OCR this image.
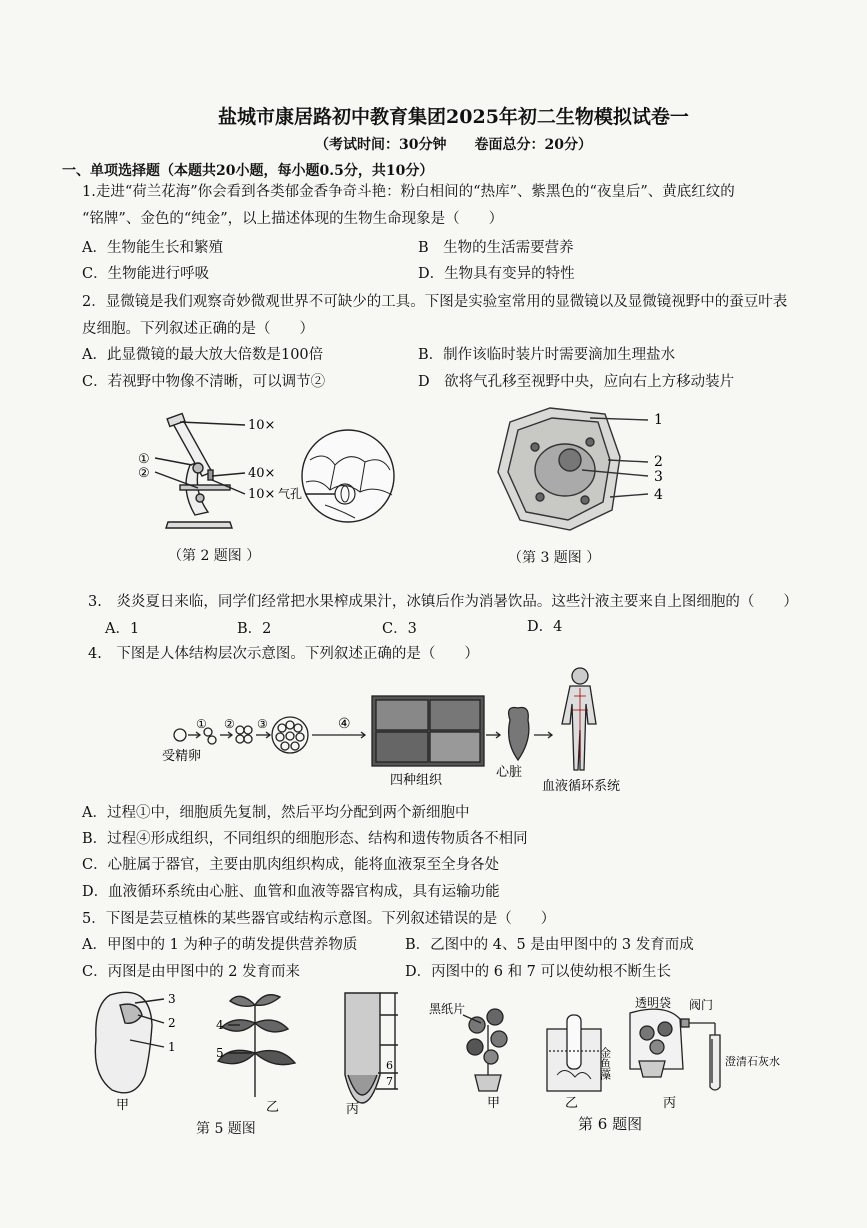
盐城市康居路初中教育集团2025年初二生物模拟试卷一
（考试时间：30分钟　　卷面总分：20分）
一、单项选择题（本题共20小题，每小题0.5分，共10分）
1.走进“荷兰花海”你会看到各类郁金香争奇斗艳：粉白相间的“热库”、紫黑色的“夜皇后”、黄底红纹的
“铭牌”、金色的“纯金”，以上描述体现的生物生命现象是（　　）
A．生物能生长和繁殖	B　生物的生活需要营养
C．生物能进行呼吸	D．生物具有变异的特性
2．显微镜是我们观察奇妙微观世界不可缺少的工具。下图是实验室常用的显微镜以及显微镜视野中的蚕豆叶表
皮细胞。下列叙述正确的是（　　）
A．此显微镜的最大放大倍数是100倍	B．制作该临时装片时需要滴加生理盐水
C．若视野中物像不清晰，可以调节②	D　欲将气孔移至视野中央，应向右上方移动装片
10×
40×
10×
①
②
气孔
（第 2 题图 ）
1
2
3
4
（第 3 题图 ）
3.　炎炎夏日来临，同学们经常把水果榨成果汁，冰镇后作为消暑饮品。这些汁液主要来自上图细胞的（　　）
A．1	B．2	C．3	D．4
4.　下图是人体结构层次示意图。下列叙述正确的是（　　）
① ② ③	④
受精卵
四种组织
心脏
血液循环系统
A．过程①中，细胞质先复制，然后平均分配到两个新细胞中
B．过程④形成组织，不同组织的细胞形态、结构和遗传物质各不相同
C．心脏属于器官，主要由肌肉组织构成，能将血液泵至全身各处
D．血液循环系统由心脏、血管和血液等器官构成，具有运输功能
5．下图是芸豆植株的某些器官或结构示意图。下列叙述错误的是（　　）
A．甲图中的 1 为种子的萌发提供营养物质	B．乙图中的 4、5 是由甲图中的 3 发育而成
C．丙图是由甲图中的 2 发育而来	D．丙图中的 6 和 7 可以使幼根不断生长
3
2
1
4
5
6
7
甲	乙	丙
第 5 题图
黑纸片	透明袋 阀门
金鱼藻	澄清石灰水
甲	乙	丙
第 6 题图
